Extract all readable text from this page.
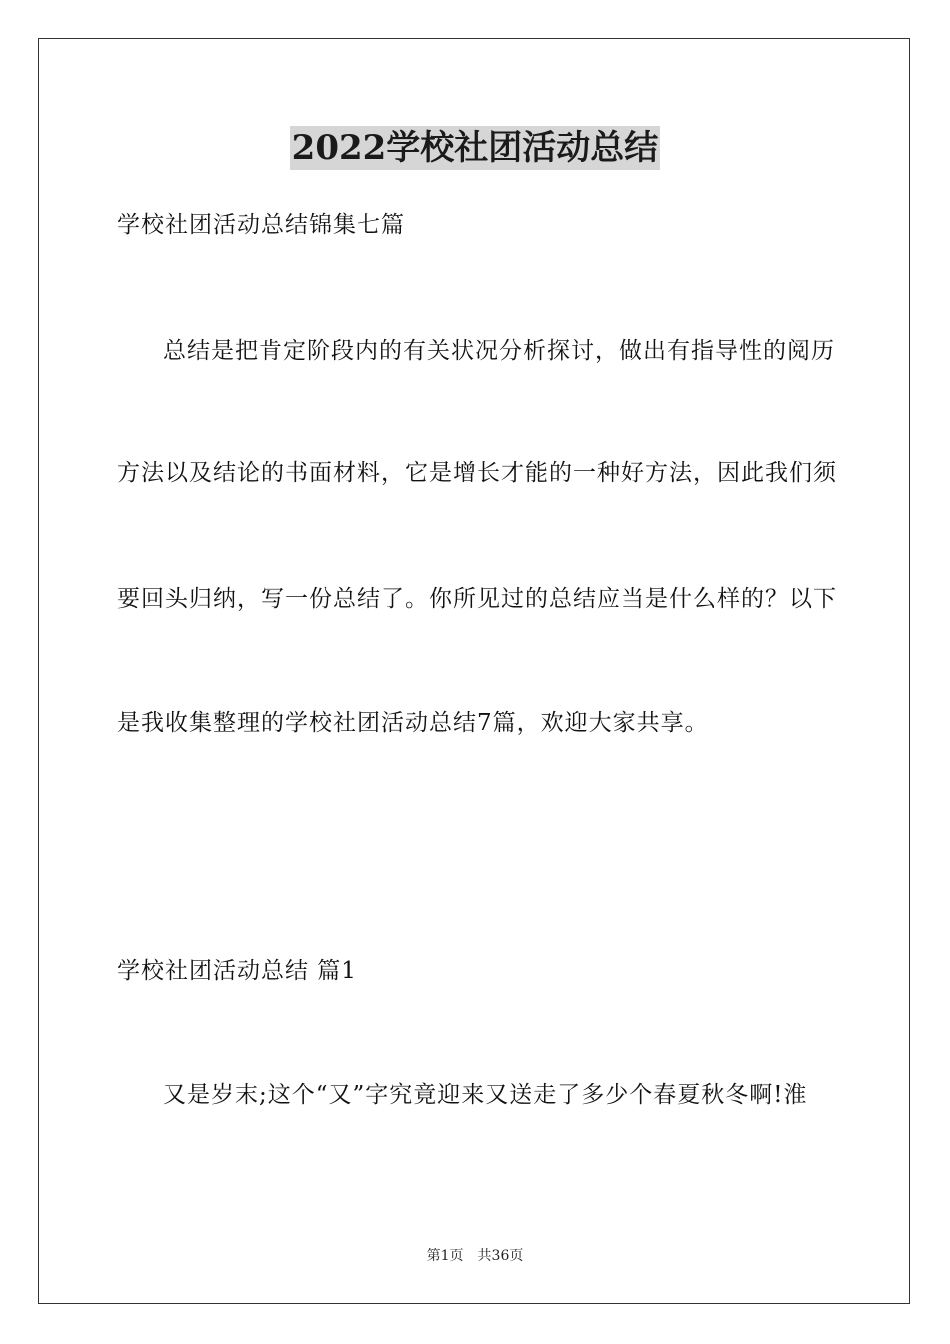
2022学校社团活动总结
学校社团活动总结锦集七篇
总结是把肯定阶段内的有关状况分析探讨，做出有指导性的阅历
方法以及结论的书面材料，它是增长才能的一种好方法，因此我们须
要回头归纳，写一份总结了。你所见过的总结应当是什么样的？以下
是我收集整理的学校社团活动总结7篇，欢迎大家共享。
学校社团活动总结 篇1
又是岁末;这个“又”字究竟迎来又送走了多少个春夏秋冬啊!淮
第1页 共36页
